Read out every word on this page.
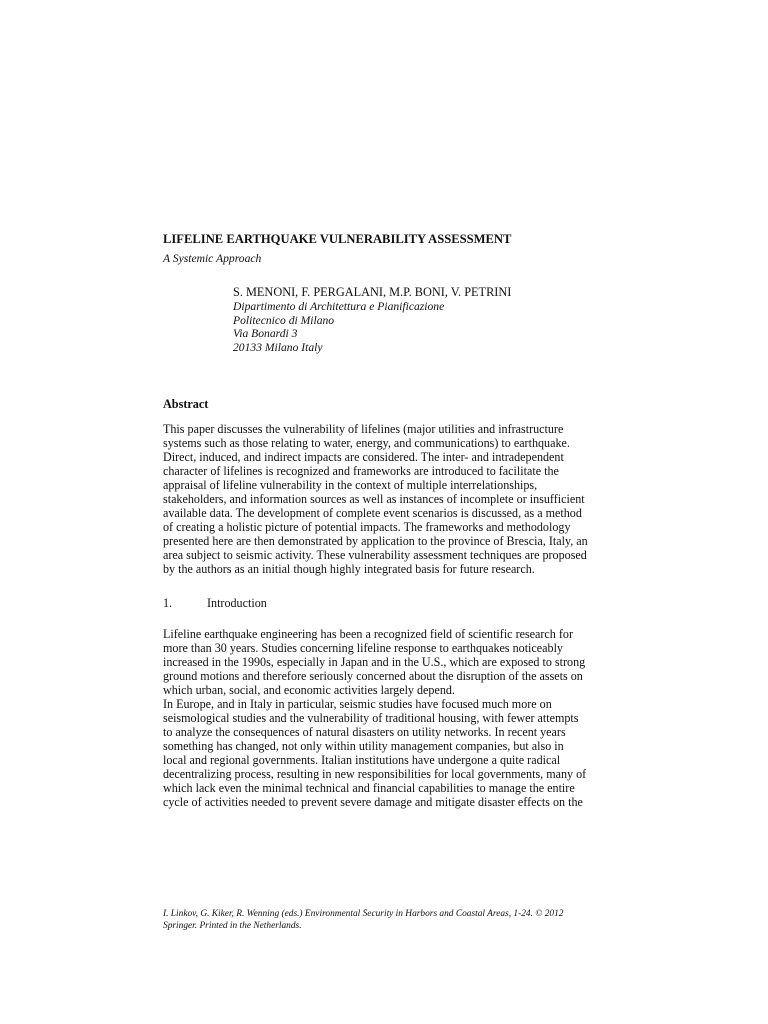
LIFELINE EARTHQUAKE VULNERABILITY ASSESSMENT
A Systemic Approach
S. MENONI, F. PERGALANI, M.P. BONI, V. PETRINI
Dipartimento di Architettura e Pianificazione
Politecnico di Milano
Via Bonardi 3
20133 Milano Italy
Abstract
This paper discusses the vulnerability of lifelines (major utilities and infrastructure
systems such as those relating to water, energy, and communications) to earthquake.
Direct, induced, and indirect impacts are considered. The inter- and intradependent
character of lifelines is recognized and frameworks are introduced to facilitate the
appraisal of lifeline vulnerability in the context of multiple interrelationships,
stakeholders, and information sources as well as instances of incomplete or insufficient
available data. The development of complete event scenarios is discussed, as a method
of creating a holistic picture of potential impacts. The frameworks and methodology
presented here are then demonstrated by application to the province of Brescia, Italy, an
area subject to seismic activity. These vulnerability assessment techniques are proposed
by the authors as an initial though highly integrated basis for future research.
1.	Introduction
Lifeline earthquake engineering has been a recognized field of scientific research for
more than 30 years. Studies concerning lifeline response to earthquakes noticeably
increased in the 1990s, especially in Japan and in the U.S., which are exposed to strong
ground motions and therefore seriously concerned about the disruption of the assets on
which urban, social, and economic activities largely depend.
In Europe, and in Italy in particular, seismic studies have focused much more on
seismological studies and the vulnerability of traditional housing, with fewer attempts
to analyze the consequences of natural disasters on utility networks. In recent years
something has changed, not only within utility management companies, but also in
local and regional governments. Italian institutions have undergone a quite radical
decentralizing process, resulting in new responsibilities for local governments, many of
which lack even the minimal technical and financial capabilities to manage the entire
cycle of activities needed to prevent severe damage and mitigate disaster effects on the
I. Linkov, G. Kiker, R. Wenning (eds.) Environmental Security in Harbors and Coastal Areas, 1-24. © 2012
Springer. Printed in the Netherlands.
